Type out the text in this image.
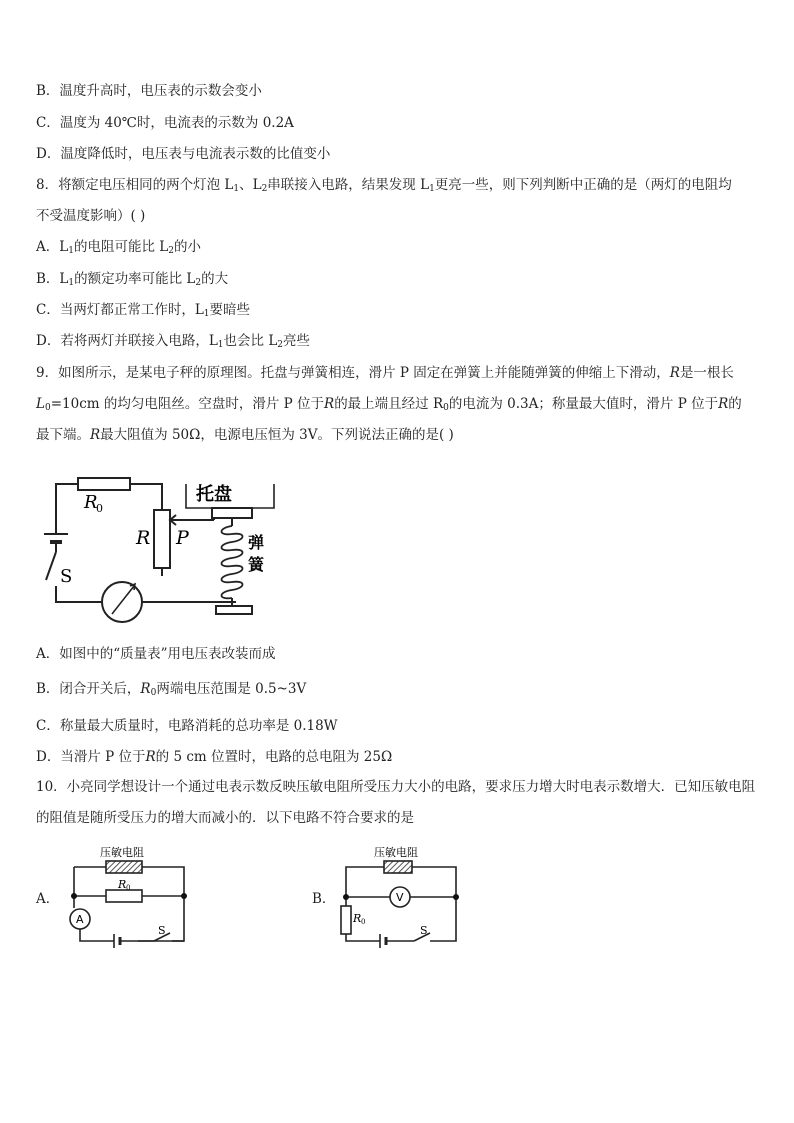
B．温度升高时，电压表的示数会变小
C．温度为 40℃时，电流表的示数为 0.2A
D．温度降低时，电压表与电流表示数的比值变小
8．将额定电压相同的两个灯泡 $L_1$、$L_2$串联接入电路，结果发现 $L_1$更亮一些，则下列判断中正确的是（两灯的电阻均
不受温度影响）( )
A．$L_1$的电阻可能比 $L_2$的小
B．$L_1$的额定功率可能比 $L_2$的大
C．当两灯都正常工作时，$L_1$要暗些
D．若将两灯并联接入电路，$L_1$也会比 $L_2$亮些
9．如图所示，是某电子秤的原理图。托盘与弹簧相连，滑片 P 固定在弹簧上并能随弹簧的伸缩上下滑动，R是一根长
$L_0=10cm$ 的均匀电阻丝。空盘时，滑片 P 位于R的最上端且经过 $R_0$的电流为 0.3A；称量最大值时，滑片 P 位于R的
最下端。R最大阻值为 50Ω，电源电压恒为 3V。下列说法正确的是( )
托盘
R
0
R P	弹
簧
S
A．如图中的“质量表”用电压表改装而成
B．闭合开关后，$R_0$两端电压范围是 0.5~3V
C．称量最大质量时，电路消耗的总功率是 0.18W
D．当滑片 P 位于R的 5 cm 位置时，电路的总电阻为 25Ω
10．小亮同学想设计一个通过电表示数反映压敏电阻所受压力大小的电路，要求压力增大时电表示数增大．已知压敏电阻的阻值是随所受压力的增大而减小的．以下电路不符合要求的是
A．
压敏电阻
R 0
A
S
B．
压敏电阻
V
R 0
S
